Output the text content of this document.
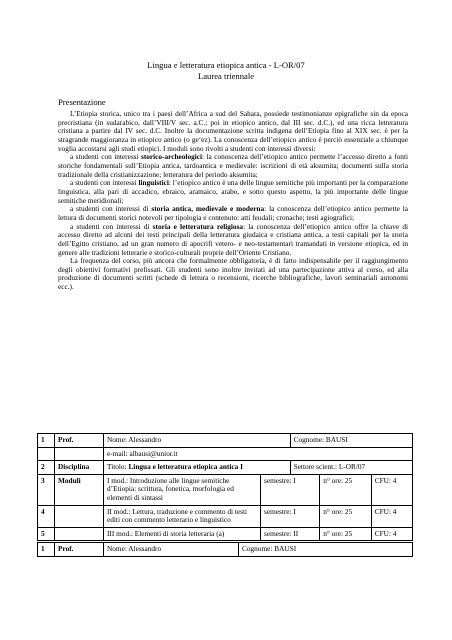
Lingua e letteratura etiopica antica - L-OR/07
Laurea triennale
Presentazione

L’Etiopia storica, unico tra i paesi dell’Africa a sud del Sahara, possiede testimonianze epigrafiche sin da epoca precristiana (in sudarabico, dall’VIII/V sec. a.C.; poi in etiopico antico, dal III sec. d.C.), ed una ricca letteratura cristiana a partire dal IV sec. d.C. Inoltre la documentazione scritta indigena dell’Etiopia fino al XIX sec. è per la stragrande maggioranza in etiopico antico (o ge‘ez). La conoscenza dell’etiopico antico è perciò essenziale a chiunque voglia accostarsi agli studi etiopici. I moduli sono rivolti a studenti con interessi diversi:

a studenti con interessi storico-archeologici: la conoscenza dell’etiopico antico permette l’accesso diretto a fonti storiche fondamentali sull’Etiopia antica, tardoantica e medievale: iscrizioni di età aksumita; documenti sulla storia tradizionale della cristianizzazione; letteratura del periodo aksumita;

a studenti con interessi linguistici: l’etiopico antico è una delle lingue semitiche più importanti per la comparazione linguistica, alla pari di accadico, ebraico, aramaico, arabo, e sotto questo aspetto, la più importante delle lingue semitiche meridionali;

a studenti con interessi di storia antica, medievale e moderna: la conoscenza dell’etiopico antico permette la lettura di documenti storici notevoli per tipologia e contenuto: atti feudali; cronache; testi agiografici;

a studenti con interessi di storia e letteratura religiosa: la conoscenza dell’etiopico antico offre la chiave di accesso diretto ad alcuni dei testi principali della letteratura giudaica e cristiana antica, a testi capitali per la storia dell’Egitto cristiano, ad un gran numero di apocrifi vetero- e neo-testamentari tramandati in versione etiopica, ed in genere alle tradizioni letterarie e storico-culturali proprie dell’Oriente Cristiano.

La frequenza del corso, più ancora che formalmente obbligatoria, è di fatto indispensabile per il raggiungimento degli obiettivi formativi prefissati. Gli studenti sono inoltre invitati ad una partecipazione attiva al corso, ed alla produzione di documenti scritti (schede di lettura o recensioni, ricerche bibliografiche, lavori seminariali autonomi ecc.).

1	Prof.	Nome: Alessandro		Cognome: BAUSI		
		e-mail: albausi@unior.it				
2	Disciplina	Titolo: Lingua e letteratura etiopica antica I		Settore scient.: L-OR/07		
3	Moduli	I mod.: Introduzione alle lingue semitiche d’Etiopia: scrittura, fonetica, morfologia ed elementi di sintassi	semestre: I		n° ore: 25	CFU: 4
4		II mod.: Lettura, traduzione e commento di testi editi con commento letterario e linguistico	semestre: I		n° ore: 25	CFU: 4
5		III mod.: Elementi di storia letteraria (a)	semestre: II		n° ore: 25	CFU: 4
1	Prof.	Nome: Alessandro	Cognome: BAUSI
